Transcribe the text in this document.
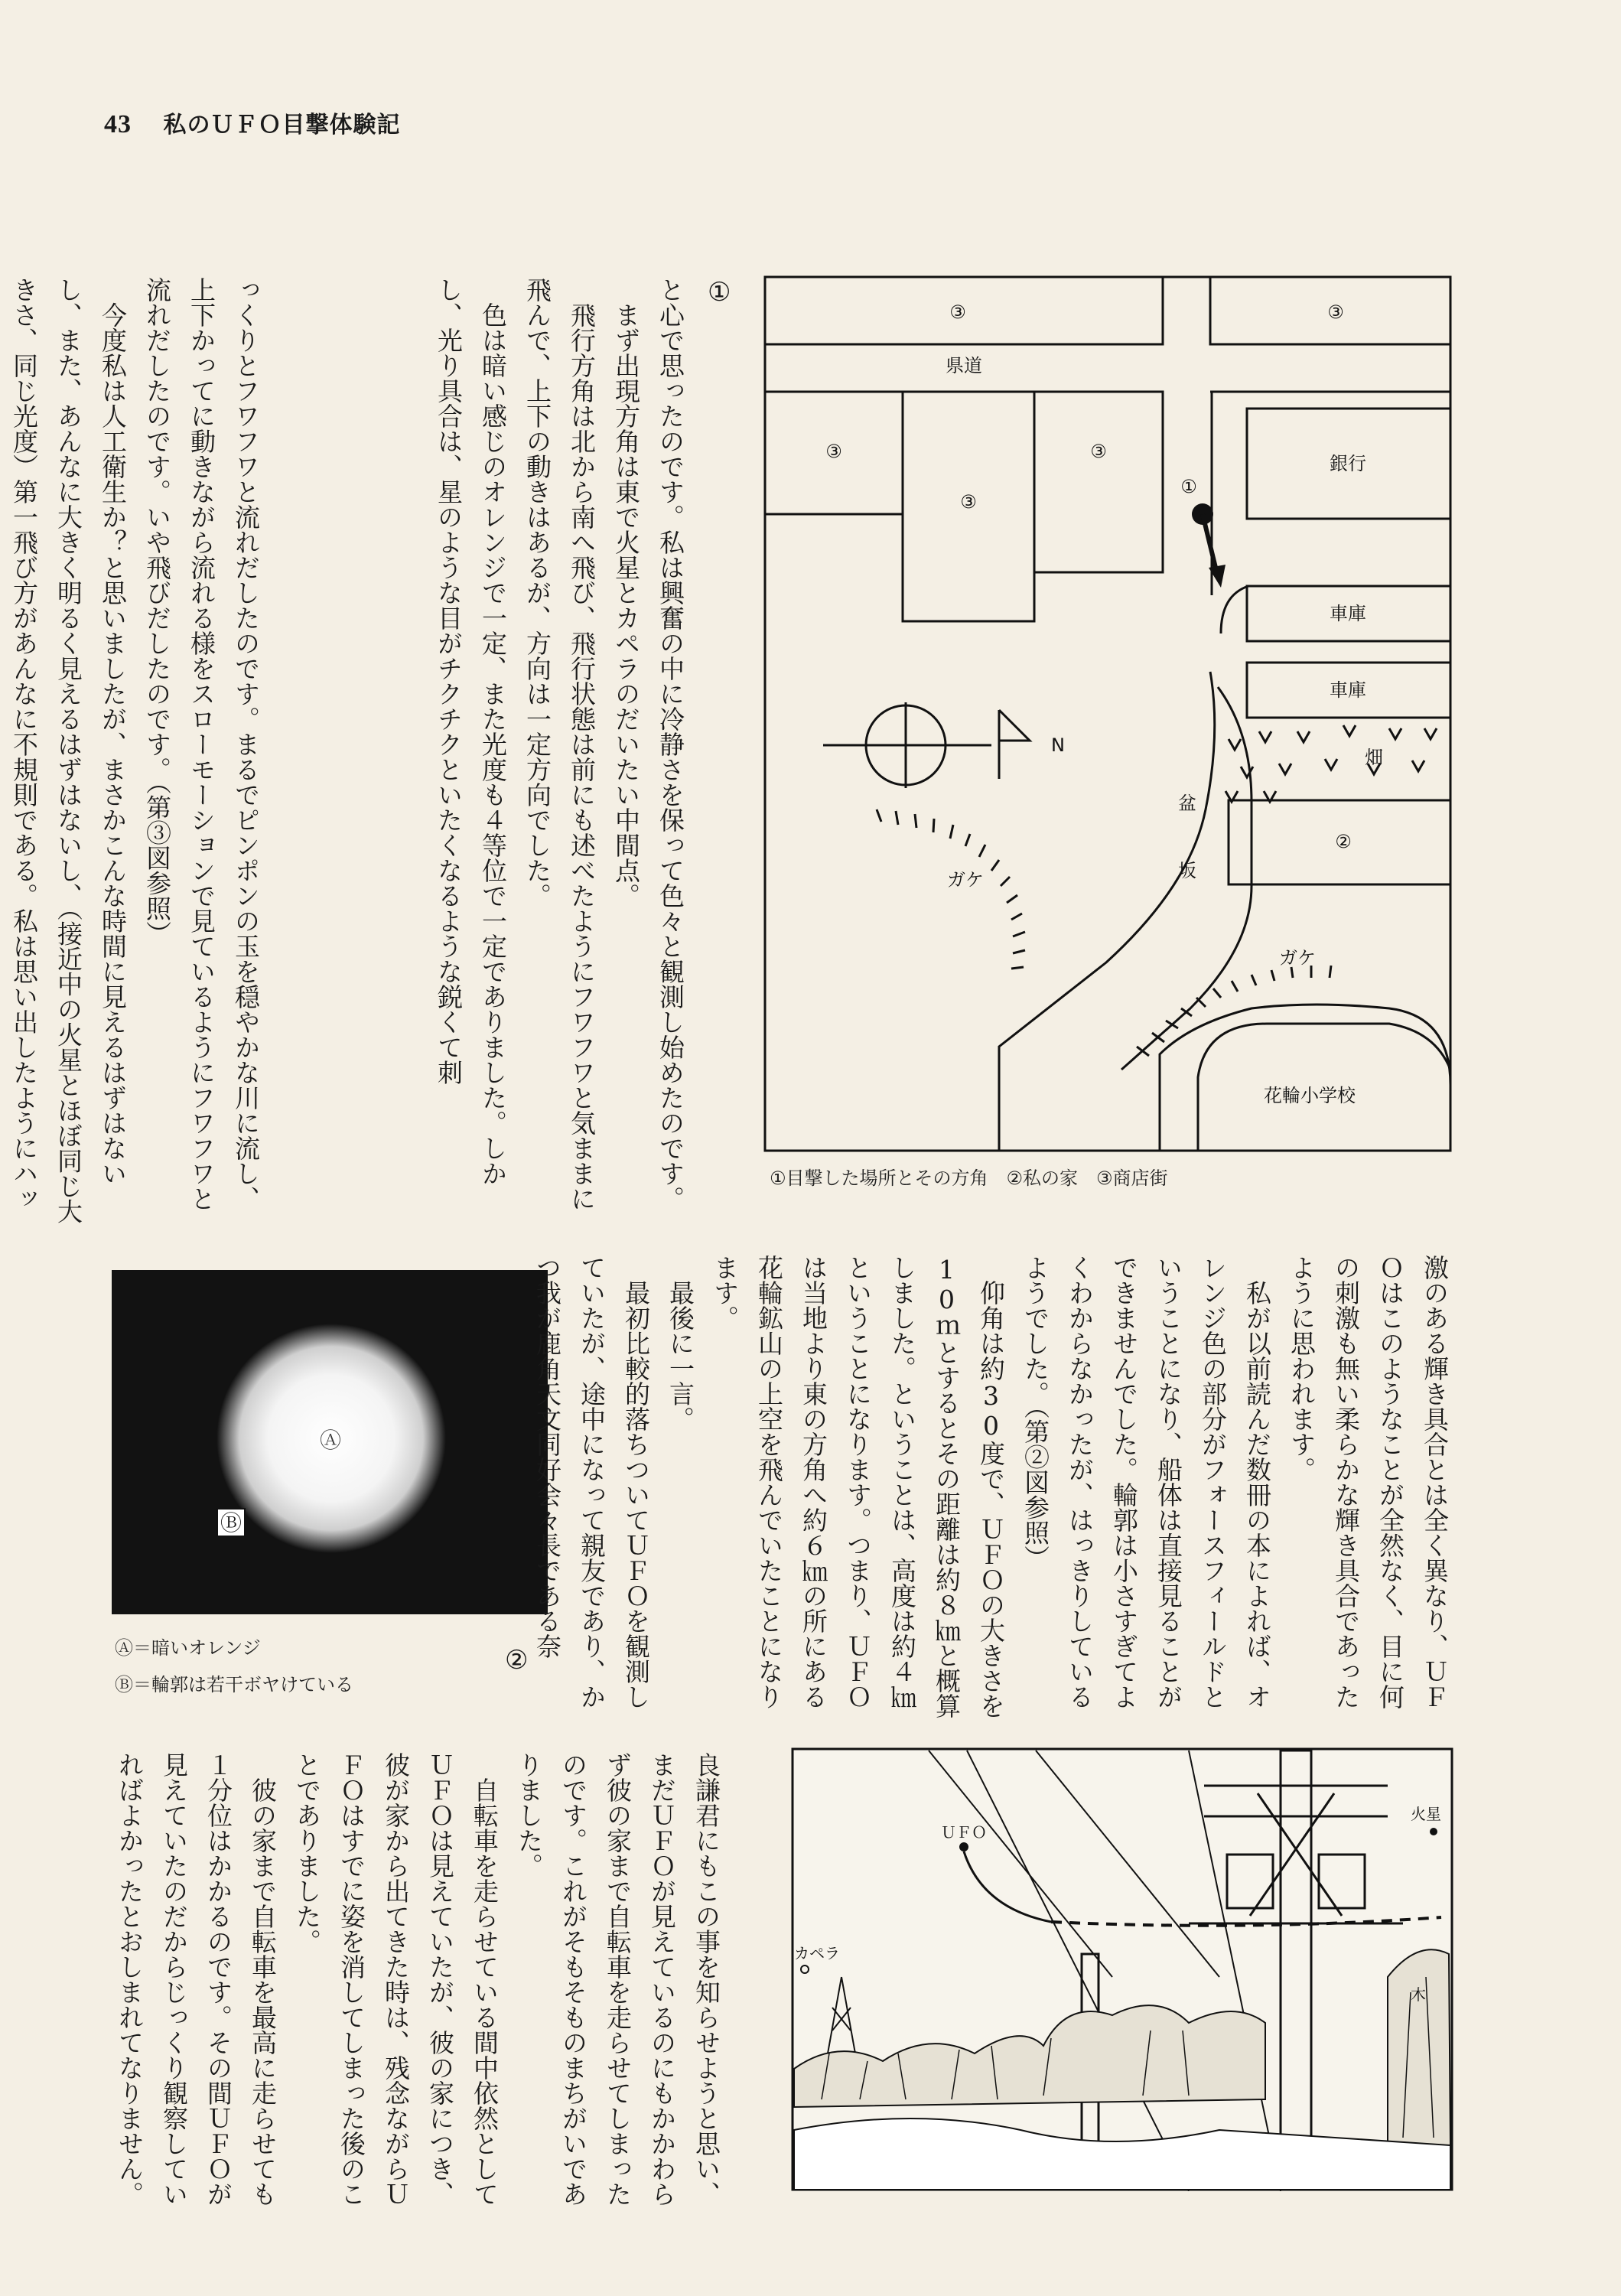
43 私のＵＦＯ目撃体験記

っくりとフワフワと流れだしたのです。まるでピンポンの玉を穏やかな川に流し、上下かってに動きながら流れる様をスローモーションで見ているようにフワフワと流れだしたのです。いや飛びだしたのです。（第③図参照）

今度私は人工衛生か？と思いましたが、まさかこんな時間に見えるはずはないし、また、あんなに大きく明るく見えるはずはないし、（接近中の火星とほぼ同じ大きさ、同じ光度）第一飛び方があんなに不規則である。私は思い出したようにハッ	と心で思ったのです。私は興奮の中に冷静さを保って色々と観測し始めたのです。

まず出現方角は東で火星とカペラのだいたい中間点。

飛行方角は北から南へ飛び、飛行状態は前にも述べたようにフワフワと気ままに飛んで、上下の動きはあるが、方向は一定方向でした。

色は暗い感じのオレンジで一定、また光度も４等位で一定でありました。しかし、光り具合は、星のような目がチクチクといたくなるような鋭くて刺	①
③	③
県道
③
③
③
銀行
①
車庫
車庫
畑
②
盆
坂
ガケ
ガケ
花輪小学校
N
①目撃した場所とその方角　②私の家　③商店街
Ⓐ
Ⓑ
Ⓐ＝暗いオレンジ
Ⓑ＝輪郭は若干ボヤけている
②	激のある輝き具合とは全く異なり、ＵＦＯはこのようなことが全然なく、目に何の刺激も無い柔らかな輝き具合であったように思われます。

私が以前読んだ数冊の本によれば、オレンジ色の部分がフォースフィールドということになり、船体は直接見ることができませんでした。輪郭は小さすぎてよくわからなかったが、はっきりしているようでした。（第②図参照）

仰角は約30度で、ＵＦＯの大きさを10ｍとするとその距離は約８㎞と概算しました。ということは、高度は約４㎞ということになります。つまり、ＵＦＯは当地より東の方角へ約６㎞の所にある花輪鉱山の上空を飛んでいたことになります。

最後に一言。

最初比較的落ちついてＵＦＯを観測していたが、途中になって親友であり、かつ我が鹿角天文同好会々長である奈

良謙君にもこの事を知らせようと思い、まだＵＦＯが見えているのにもかかわらず彼の家まで自転車を走らせてしまったのです。これがそもそものまちがいでありました。

自転車を走らせている間中依然としてＵＦＯは見えていたが、彼の家につき、彼が家から出てきた時は、残念ながらＵＦＯはすでに姿を消してしまった後のことでありました。

彼の家まで自転車を最高に走らせても１分位はかかるのです。その間ＵＦＯが見えていたのだからじっくり観察していればよかったとおしまれてなりません。	ＵＦＯ
火星
カペラ
木
